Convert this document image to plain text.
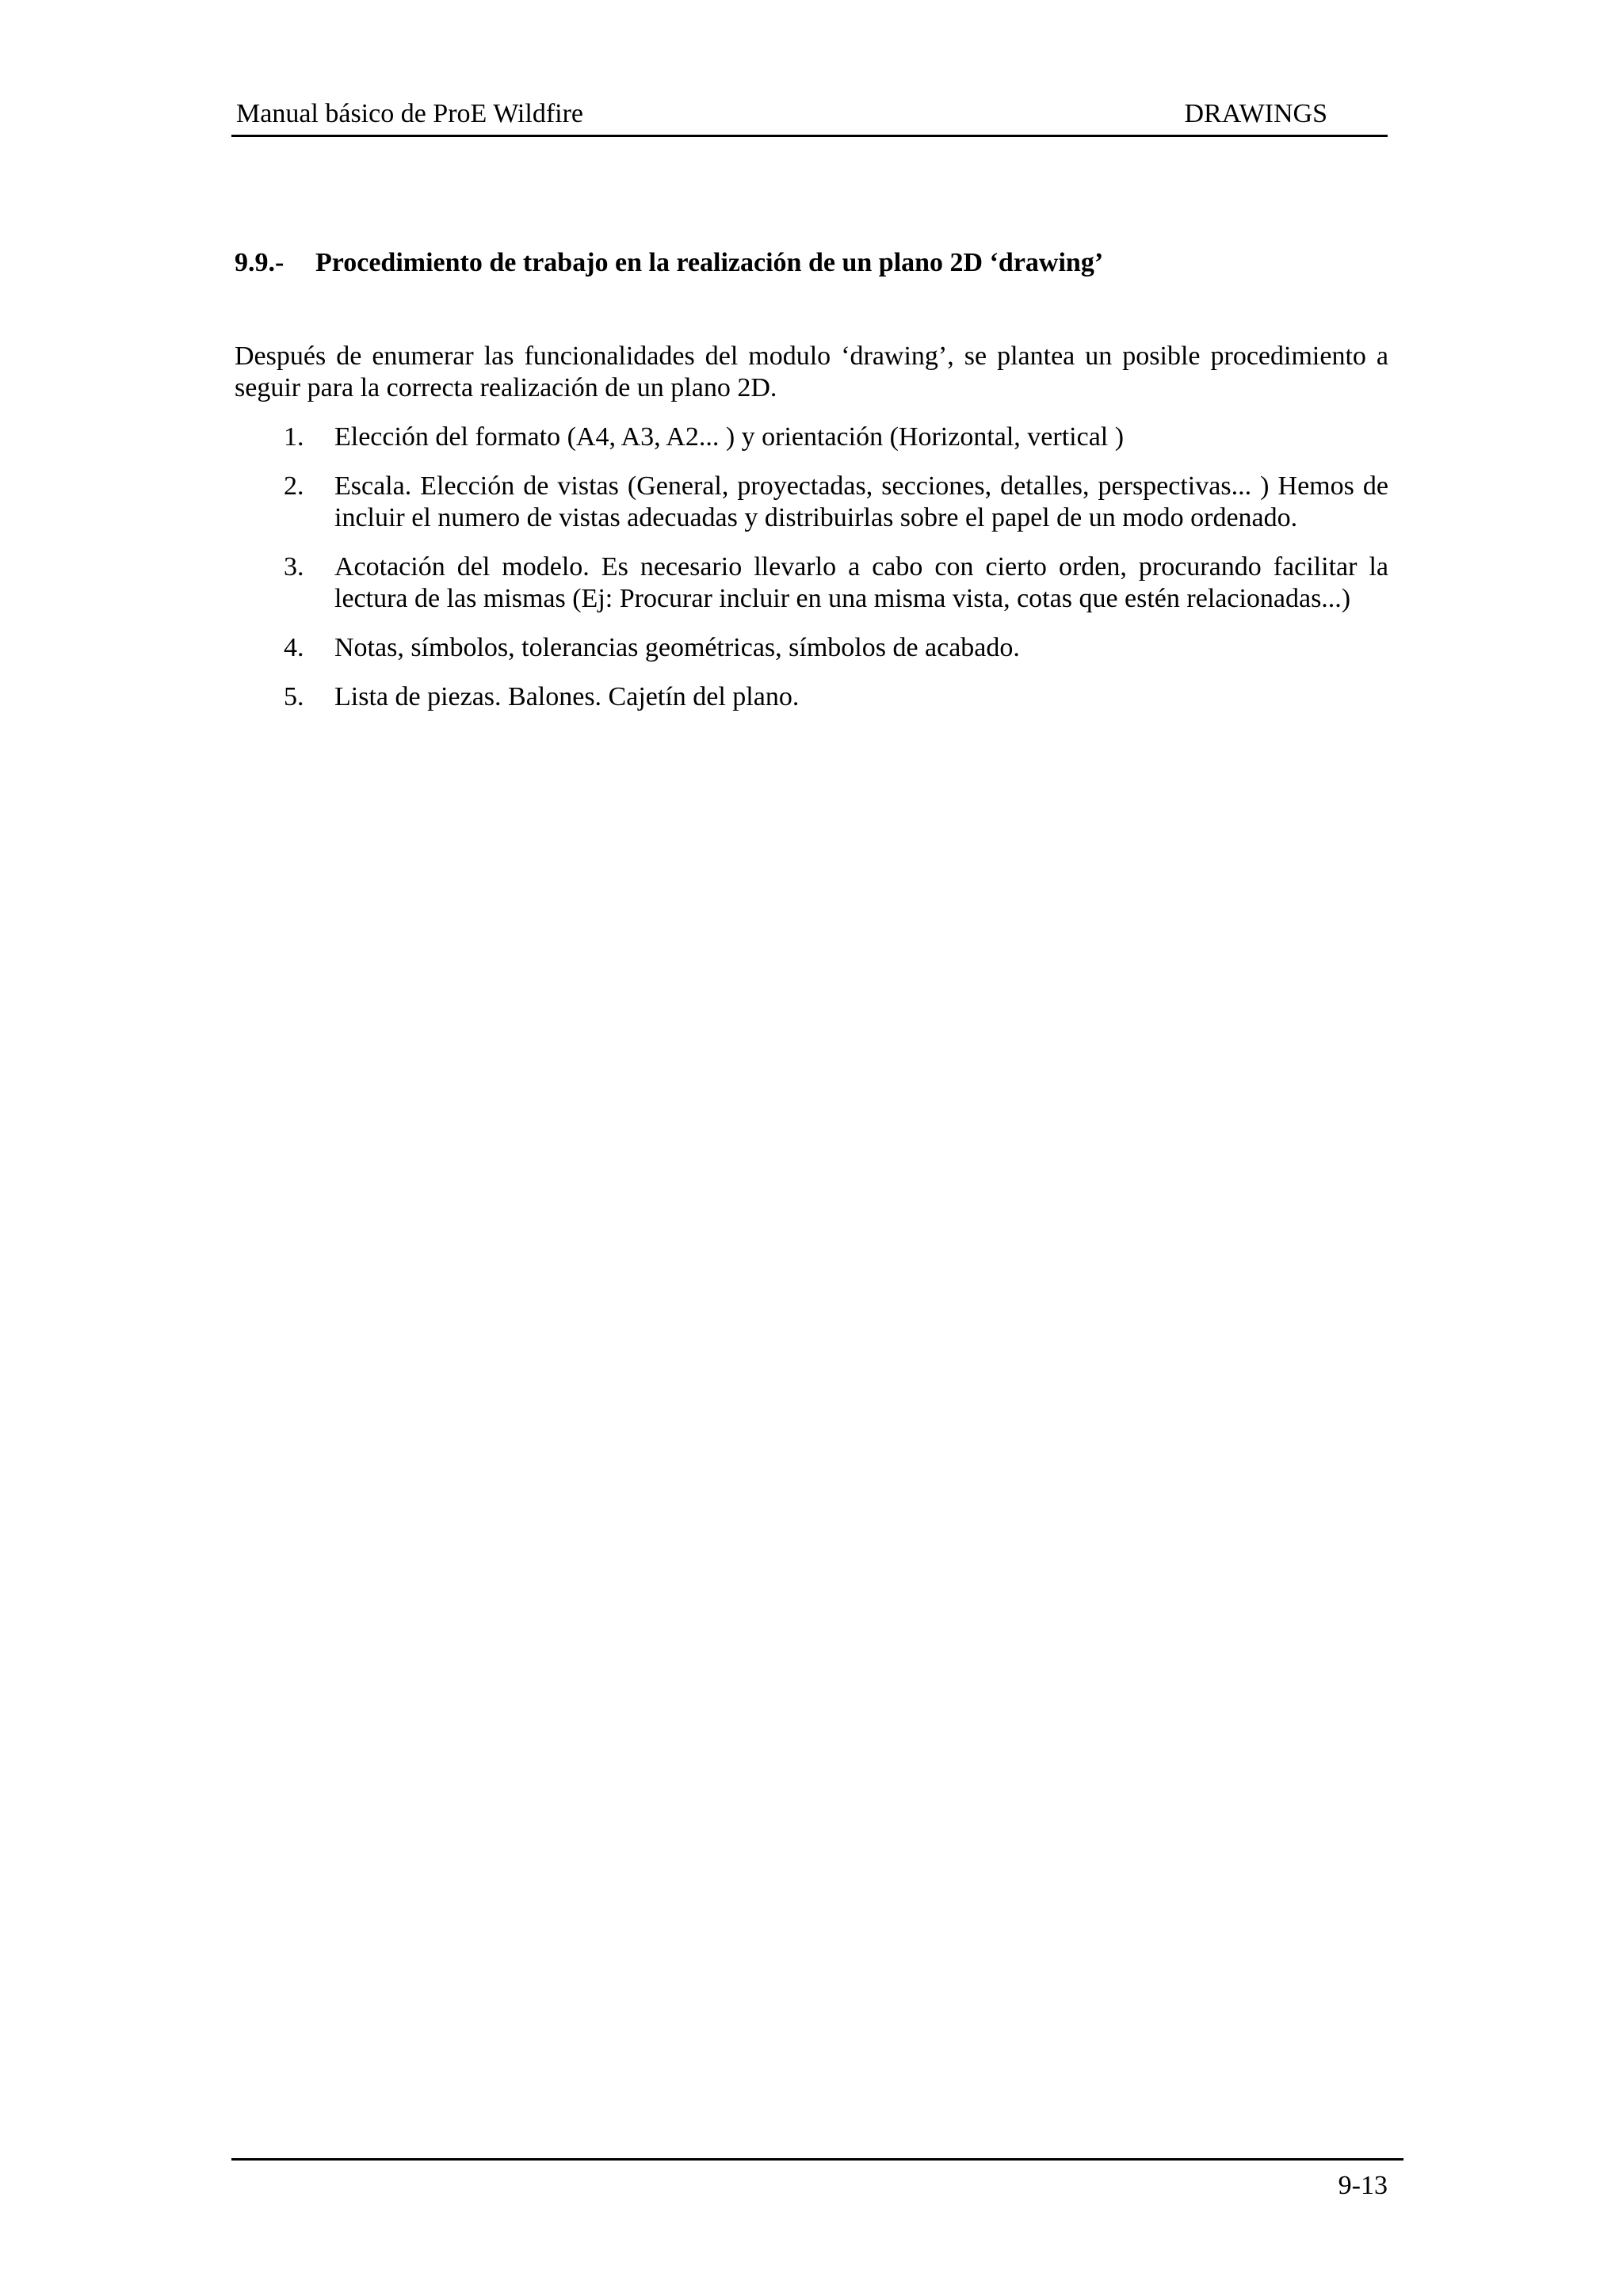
Manual básico de ProE Wildfire	DRAWINGS
9.9.- Procedimiento de trabajo en la realización de un plano 2D ‘drawing’

Después de enumerar las funcionalidades del modulo ‘drawing’, se plantea un posible procedimiento a seguir para la correcta realización de un plano 2D.

1. Elección del formato (A4, A3, A2... ) y orientación (Horizontal, vertical )
2. Escala. Elección de vistas (General, proyectadas, secciones, detalles, perspectivas... ) Hemos de incluir el numero de vistas adecuadas y distribuirlas sobre el papel de un modo ordenado.
3. Acotación del modelo. Es necesario llevarlo a cabo con cierto orden, procurando facilitar la lectura de las mismas (Ej: Procurar incluir en una misma vista, cotas que estén relacionadas...)
4. Notas, símbolos, tolerancias geométricas, símbolos de acabado.
5. Lista de piezas. Balones. Cajetín del plano.
9-13
